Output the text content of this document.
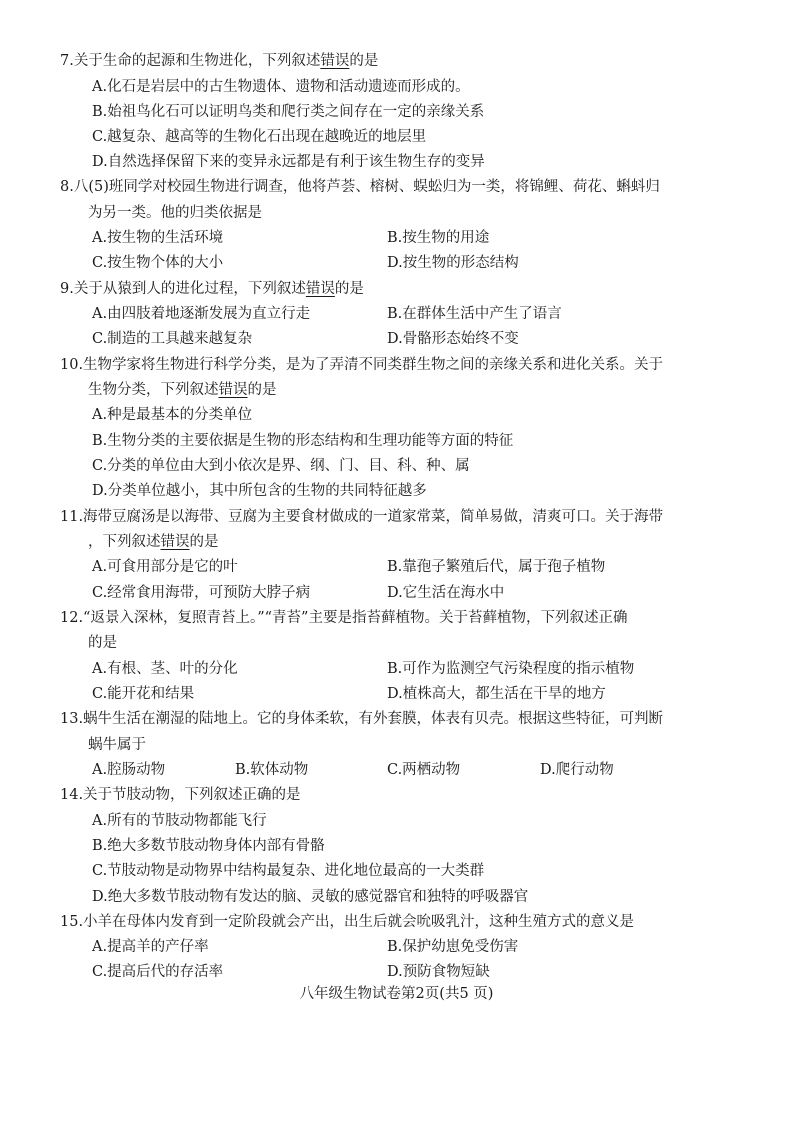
7.关于生命的起源和生物进化，下列叙述错误的是
A.化石是岩层中的古生物遗体、遗物和活动遗迹而形成的。
B.始祖鸟化石可以证明鸟类和爬行类之间存在一定的亲缘关系
C.越复杂、越高等的生物化石出现在越晚近的地层里
D.自然选择保留下来的变异永远都是有利于该生物生存的变异
8.八(5)班同学对校园生物进行调查，他将芦荟、榕树、蜈蚣归为一类，将锦鲤、荷花、蝌蚪归
为另一类。他的归类依据是
A.按生物的生活环境	B.按生物的用途
C.按生物个体的大小	D.按生物的形态结构
9.关于从猿到人的进化过程，下列叙述错误的是
A.由四肢着地逐渐发展为直立行走	B.在群体生活中产生了语言
C.制造的工具越来越复杂	D.骨骼形态始终不变
10.生物学家将生物进行科学分类，是为了弄清不同类群生物之间的亲缘关系和进化关系。关于
生物分类，下列叙述错误的是
A.种是最基本的分类单位
B.生物分类的主要依据是生物的形态结构和生理功能等方面的特征
C.分类的单位由大到小依次是界、纲、门、目、科、种、属
D.分类单位越小，其中所包含的生物的共同特征越多
11.海带豆腐汤是以海带、豆腐为主要食材做成的一道家常菜，简单易做，清爽可口。关于海带
，下列叙述错误的是
A.可食用部分是它的叶	B.靠孢子繁殖后代，属于孢子植物
C.经常食用海带，可预防大脖子病	D.它生活在海水中
12.“返景入深林，复照青苔上。”“青苔”主要是指苔藓植物。关于苔藓植物，下列叙述正确
的是
A.有根、茎、叶的分化	B.可作为监测空气污染程度的指示植物
C.能开花和结果	D.植株高大，都生活在干旱的地方
13.蜗牛生活在潮湿的陆地上。它的身体柔软，有外套膜，体表有贝壳。根据这些特征，可判断
蜗牛属于
A.腔肠动物	B.软体动物	C.两栖动物	D.爬行动物
14.关于节肢动物，下列叙述正确的是
A.所有的节肢动物都能飞行
B.绝大多数节肢动物身体内部有骨骼
C.节肢动物是动物界中结构最复杂、进化地位最高的一大类群
D.绝大多数节肢动物有发达的脑、灵敏的感觉器官和独特的呼吸器官
15.小羊在母体内发育到一定阶段就会产出，出生后就会吮吸乳汁，这种生殖方式的意义是
A.提高羊的产仔率	B.保护幼崽免受伤害
C.提高后代的存活率	D.预防食物短缺
八年级生物试卷第2页(共5 页)
